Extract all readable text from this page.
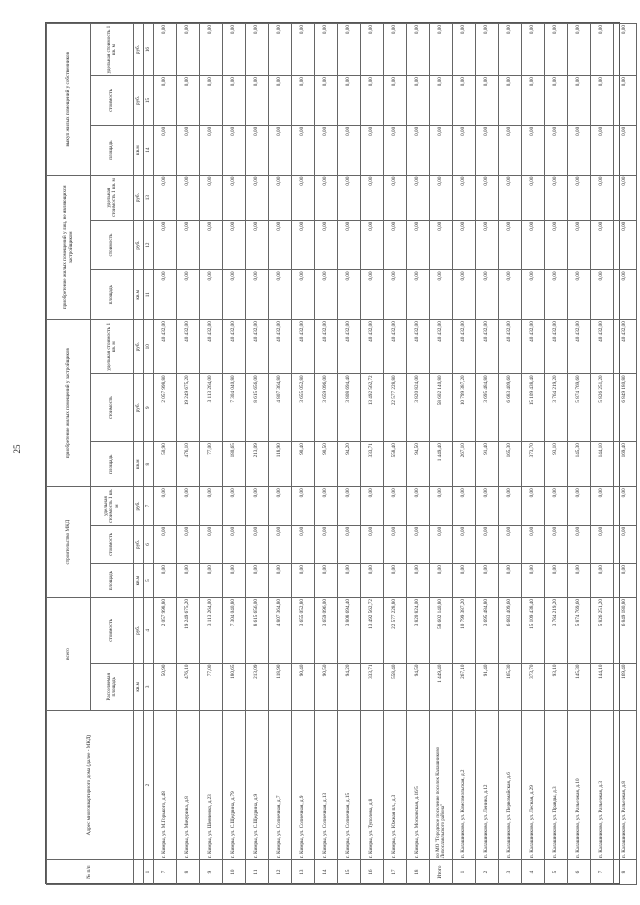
25
№ п/п	Адрес многоквартирного дома (далее - МКД)	всего		строительство МКД			приобретение жилых помещений у застройщиков			приобретение жилых помещений у лиц, не являющихся застройщиком			выкуп жилых помещений у собственников		
		Расселяемая площадь	стоимость	площадь	стоимость	удельная стоимость 1 кв. м	площадь	стоимость	удельная стоимость 1 кв. м	площадь	стоимость	удельная стоимость 1 кв. м	площадь	стоимость	удельная стоимость 1 кв. м
		кв.м	руб.	кв.м	руб.	руб.	кв.м	руб.	руб.	кв.м	руб.	руб.	кв.м	руб.	руб.
1	2	3	4	5	6	7	8	9	10	11	12	13	14	15	16
7	г. Кимры, ул. М.Горького, д.48	50,90	2 057 998,80	0,00	0,00	0,00	50,90	2 057 998,80	40 432,00	0,00	0,00	0,00	0,00	0,00	0,00
8	г. Кимры, ул. Мичурина, д.8	476,10	19 249 675,20	0,00	0,00	0,00	476,10	19 249 675,20	40 432,00	0,00	0,00	0,00	0,00	0,00	0,00
9	г. Кимры, ул. Шевченко, д.23	77,00	3 113 264,00	0,00	0,00	0,00	77,00	3 113 264,00	40 432,00	0,00	0,00	0,00	0,00	0,00	0,00
10	г. Кимры, ул. С.Щедрина, д.79	180,65	7 304 040,80	0,00	0,00	0,00	180,65	7 304 040,80	40 432,00	0,00	0,00	0,00	0,00	0,00	0,00
11	г. Кимры, ул. С.Щедрина, д.9	213,09	8 615 656,00	0,00	0,00	0,00	213,09	8 615 656,00	40 432,00	0,00	0,00	0,00	0,00	0,00	0,00
12	г. Кимры, ул. Солнечная, д.7	118,90	4 807 364,80	0,00	0,00	0,00	118,90	4 807 364,80	40 432,00	0,00	0,00	0,00	0,00	0,00	0,00
13	г. Кимры, ул. Солнечная, д.9	90,40	3 655 052,80	0,00	0,00	0,00	90,40	3 655 052,80	40 432,00	0,00	0,00	0,00	0,00	0,00	0,00
14	г. Кимры, ул. Солнечная, д.13	90,50	3 659 096,00	0,00	0,00	0,00	90,50	3 659 096,00	40 432,00	0,00	0,00	0,00	0,00	0,00	0,00
15	г. Кимры, ул. Солнечная, д.15	94,20	3 808 694,40	0,00	0,00	0,00	94,20	3 808 694,40	40 432,00	0,00	0,00	0,00	0,00	0,00	0,00
16	г. Кимры, ул. Туполева, д.8	333,71	13 492 562,72	0,00	0,00	0,00	333,71	13 492 562,72	40 432,00	0,00	0,00	0,00	0,00	0,00	0,00
17	г. Кимры, ул. Южная пл., д.3	558,40	22 577 228,80	0,00	0,00	0,00	558,40	22 577 228,80	40 432,00	0,00	0,00	0,00	0,00	0,00	0,00
18	г. Кимры, ул. Московская, д.16/5	94,50	3 820 824,00	0,00	0,00	0,00	94,50	3 820 824,00	40 432,00	0,00	0,00	0,00	0,00	0,00	0,00
Итого	по МО "Городское поселение поселок Калашниково Лихославльского района"	1 449,40	58 602 140,80	0,00	0,00	0,00	1 449,40	58 602 140,80	40 432,00	0,00	0,00	0,00	0,00	0,00	0,00
1	п. Калашниково, ул. Комсомольская, д.2	267,10	10 799 387,20	0,00	0,00	0,00	267,10	10 799 387,20	40 432,00	0,00	0,00	0,00	0,00	0,00	0,00
2	п. Калашниково, ул. Ленина, д.12	91,40	3 695 484,80	0,00	0,00	0,00	91,40	3 695 484,80	40 432,00	0,00	0,00	0,00	0,00	0,00	0,00
3	п. Калашниково, ул. Первомайская, д.6	165,30	6 683 409,60	0,00	0,00	0,00	165,30	6 683 409,60	40 432,00	0,00	0,00	0,00	0,00	0,00	0,00
4	п. Калашниково, ул. Лесная, д.29	373,70	15 109 438,40	0,00	0,00	0,00	373,70	15 109 438,40	40 432,00	0,00	0,00	0,00	0,00	0,00	0,00
5	п. Калашниково, ул. Правды, д.3	93,10	3 764 219,20	0,00	0,00	0,00	93,10	3 764 219,20	40 432,00	0,00	0,00	0,00	0,00	0,00	0,00
6	п. Калашниково, ул. Разъезжая, д.10	145,30	5 874 769,60	0,00	0,00	0,00	145,30	5 874 769,60	40 432,00	0,00	0,00	0,00	0,00	0,00	0,00
7	п. Калашниково, ул. Разъезжая, д.3	144,10	5 826 251,20	0,00	0,00	0,00	144,10	5 826 251,20	40 432,00	0,00	0,00	0,00	0,00	0,00	0,00
8	п. Калашниково, ул. Разъезжая, д.8	169,40	6 849 180,80	0,00	0,00	0,00	169,40	6 849 180,80	40 432,00	0,00	0,00	0,00	0,00	0,00	0,00
